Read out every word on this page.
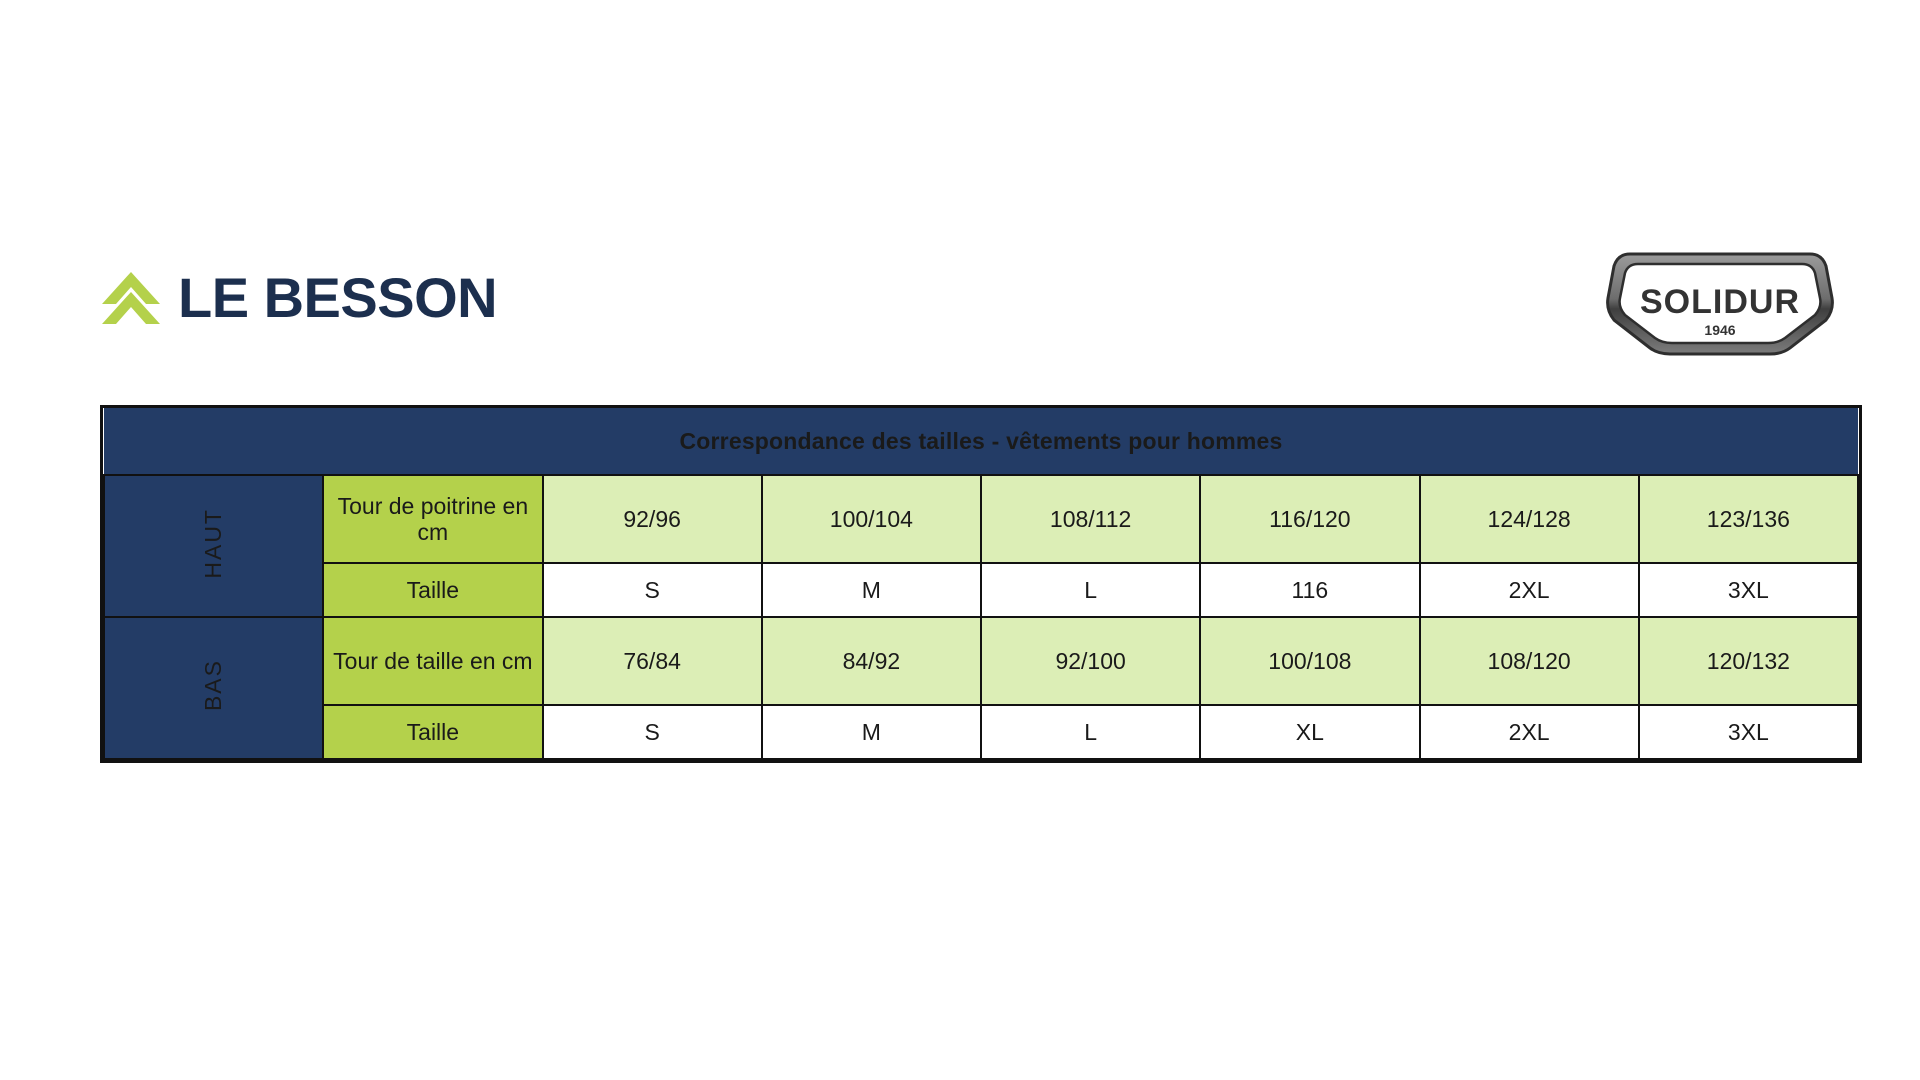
LE BESSON	SOLIDUR
1946
Correspondance des tailles - vêtements pour hommes							
HAUT	Tour de poitrine en cm	92/96	100/104	108/112	116/120	124/128	123/136
	Taille	S	M	L	116	2XL	3XL
BAS	Tour de taille en cm	76/84	84/92	92/100	100/108	108/120	120/132
	Taille	S	M	L	XL	2XL	3XL
